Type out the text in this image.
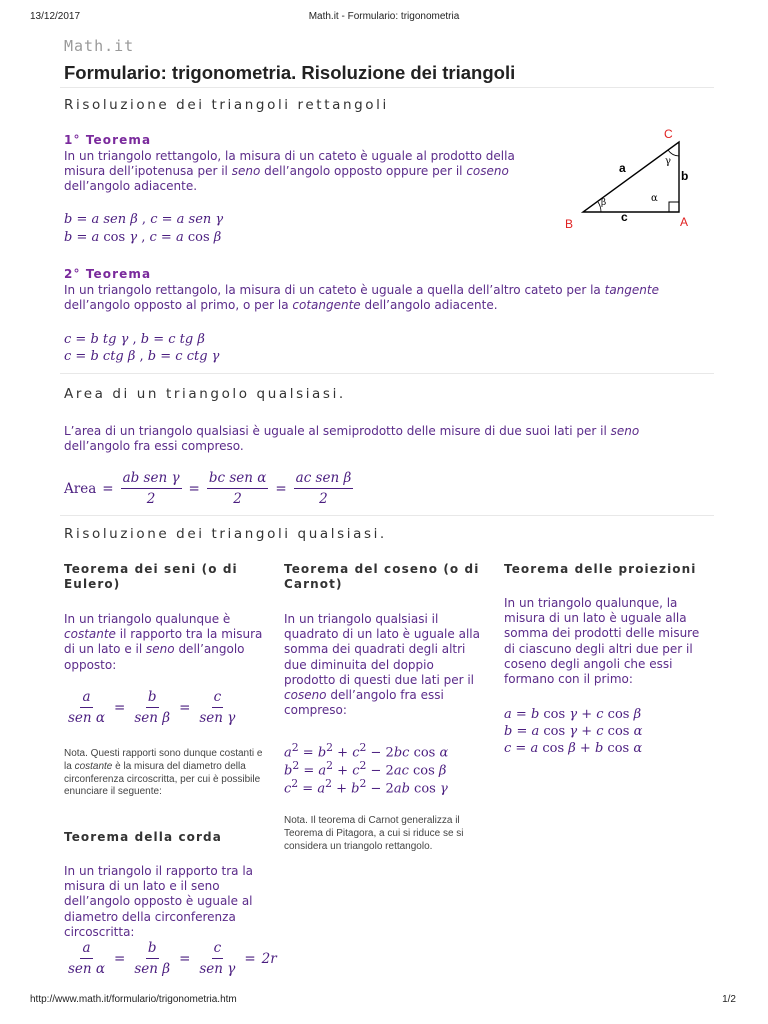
13/12/2017	Math.it - Formulario: trigonometria
Math.it
Formulario: trigonometria. Risoluzione dei triangoli
Risoluzione dei triangoli rettangoli
1° Teorema

In un triangolo rettangolo, la misura di un cateto è uguale al prodotto della misura dell’ipotenusa per il seno dell’angolo opposto oppure per il coseno dell’angolo adiacente.

b = a sen β , c = a sen γ

b = a cos γ , c = a cos β

C
B	A
a
b
c
α
β
γ
2° Teorema

In un triangolo rettangolo, la misura di un cateto è uguale a quella dell’altro cateto per la tangente dell’angolo opposto al primo, o per la cotangente dell’angolo adiacente.

c = b tg γ , b = c tg β

c = b ctg β , b = c ctg γ

Area di un triangolo qualsiasi.

L’area di un triangolo qualsiasi è uguale al semiprodotto delle misure di due suoi lati per il seno dell’angolo fra essi compreso.

Area = $\frac{\text{ab sen γ}}{2} = \frac{\text{bc sen α}}{2} = \frac{\text{ac sen β}}{2}$
Risoluzione dei triangoli qualsiasi.
Teorema dei seni (o di Eulero)

In un triangolo qualunque è costante il rapporto tra la misura di un lato e il seno dell’angolo opposto:

$\frac{a}{\text{sen α}} = \frac{b}{\text{sen β}} = \frac{c}{\text{sen γ}}$

Nota. Questi rapporti sono dunque costanti e la costante è la misura del diametro della circonferenza circoscritta, per cui è possibile enunciare il seguente:

Teorema della corda

In un triangolo il rapporto tra la misura di un lato e il seno dell’angolo opposto è uguale al diametro della circonferenza circoscritta:

$\frac{a}{\text{sen α}} = \frac{b}{\text{sen β}} = \frac{c}{\text{sen γ}} = 2r$
Teorema del coseno (o di Carnot)

In un triangolo qualsiasi il quadrato di un lato è uguale alla somma dei quadrati degli altri due diminuita del doppio prodotto di questi due lati per il coseno dell’angolo fra essi compreso:

$a^2 = b^2 + c^2 - 2bc$ cos α

$b^2 = a^2 + c^2 - 2ac$ cos β

$c^2 = a^2 + b^2 - 2ab$ cos γ

Nota. Il teorema di Carnot generalizza il Teorema di Pitagora, a cui si riduce se si considera un triangolo rettangolo.

Teorema delle proiezioni

In un triangolo qualunque, la misura di un lato è uguale alla somma dei prodotti delle misure di ciascuno degli altri due per il coseno degli angoli che essi formano con il primo:

a = b cos γ + c cos β

b = a cos γ + c cos α

c = a cos β + b cos α

http://www.math.it/formulario/trigonometria.htm	1/2
